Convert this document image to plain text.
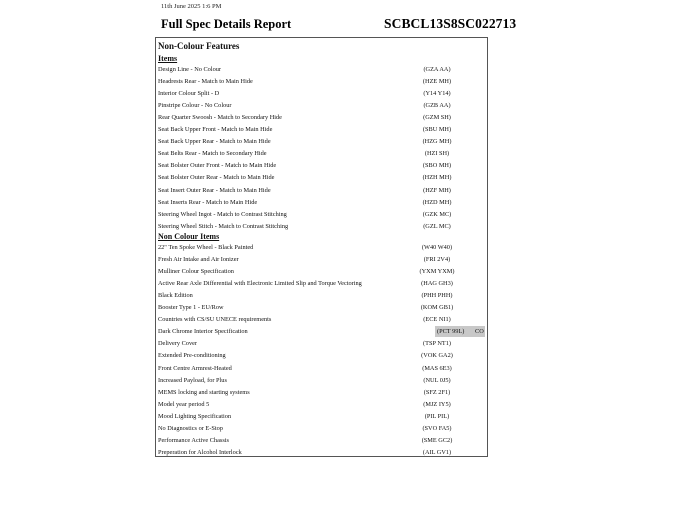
11th June 2025 1:6 PM
Full Spec Details Report	SCBCL13S8SC022713
Non-Colour Features
Items
Non Colour Items
Design Line - No Colour	(GZA AA)
Headrests Rear - Match to Main Hide	(HZE MH)
Interior Colour Split - D	(Y14 Y14)
Pinstripe Colour - No Colour	(GZB AA)
Rear Quarter Swoosh - Match to Secondary Hide	(GZM SH)
Seat Back Upper Front - Match to Main Hide	(SBU MH)
Seat Back Upper Rear - Match to Main Hide	(HZG MH)
Seat Belts Rear - Match to Secondary Hide	(HZI SH)
Seat Bolster Outer Front - Match to Main Hide	(SBO MH)
Seat Bolster Outer Rear - Match to Main Hide	(HZH MH)
Seat Insert Outer Rear - Match to Main Hide	(HZF MH)
Seat Inserts Rear - Match to Main Hide	(HZD MH)
Steering Wheel Ingot - Match to Contrast Stitching	(GZK MC)
Steering Wheel Stitch - Match to Contrast Stitching	(GZL MC)
22" Ten Spoke Wheel - Black Painted	(W40 W40)
Fresh Air Intake and Air Ionizer	(FRI 2V4)
Mulliner Colour Specification	(YXM YXM)
Active Rear Axle Differential with Electronic Limited Slip and Torque Vectoring	(HAG GH3)
Black Edition	(PHH PHH)
Booster Type 1 - EU/Row	(KOM GB1)
Countries with CS/SU UNECE requirements	(ECE NI1)
Dark Chrome Interior Specification	(PCT 99L)	CO
Delivery Cover	(TSP NT1)
Extended Pre-conditioning	(VOK GA2)
Front Centre Armrest-Heated	(MAS 6E3)
Increased Payload, for Plus	(NUL 0J5)
MEMS locking and starting systems	(SFZ 2F1)
Model year period 5	(MJZ IY5)
Mood Lighting Specification	(PIL PIL)
No Diagnostics or E-Stop	(SVO FA5)
Performance Active Chassis	(SME GC2)
Preperation for Alcohol Interlock	(AIL GV1)
